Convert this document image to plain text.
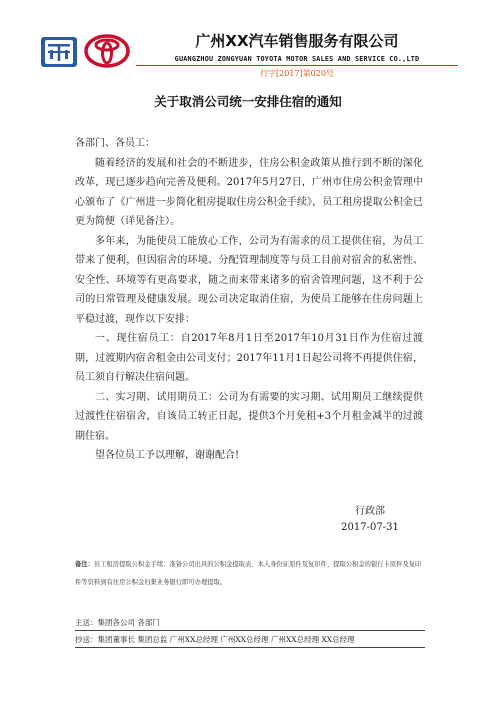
广州XX汽车销售服务有限公司
GUANGZHOU ZONGYUAN TOYOTA MOTOR SALES AND SERVICE CO.,LTD
行字[2017]第020号
关于取消公司统一安排住宿的通知

各部门、各员工：

随着经济的发展和社会的不断进步，住房公积金政策从推行到不断的深化改革，现已逐步趋向完善及便利。2017年5月27日，广州市住房公积金管理中心颁布了《广州进一步简化租房提取住房公积金手续》，员工租房提取公积金已更为简便（详见备注）。

多年来，为能使员工能放心工作，公司为有需求的员工提供住宿，为员工带来了便利，但因宿舍的环境、分配管理制度等与员工目前对宿舍的私密性、安全性、环境等有更高要求，随之而来带来诸多的宿舍管理问题，这不利于公司的日常管理及健康发展。现公司决定取消住宿，为使员工能够在住房问题上平稳过渡，现作以下安排：

一、现住宿员工：自2017年8月1日至2017年10月31日作为住宿过渡期，过渡期内宿舍租金由公司支付；2017年11月1日起公司将不再提供住宿，员工须自行解决住宿问题。

二、实习期、试用期员工：公司为有需要的实习期、试用期员工继续提供过渡性住宿宿舍，自该员工转正日起，提供3个月免租+3个月租金减半的过渡期住宿。

望各位员工予以理解，谢谢配合!

行政部
2017-07-31
备注：员工租房提取公积金手续：准备公司出具的公积金提取表、本人身份证原件及复印件、提取公积金的银行卡原件及复印件等资料到有住房公积金归集业务银行即可办理提取。
主送：集团各公司 各部门
抄送：集团董事长 集团总监 广州XX总经理 广州XX总经理 广州XX总经理 XX总经理
